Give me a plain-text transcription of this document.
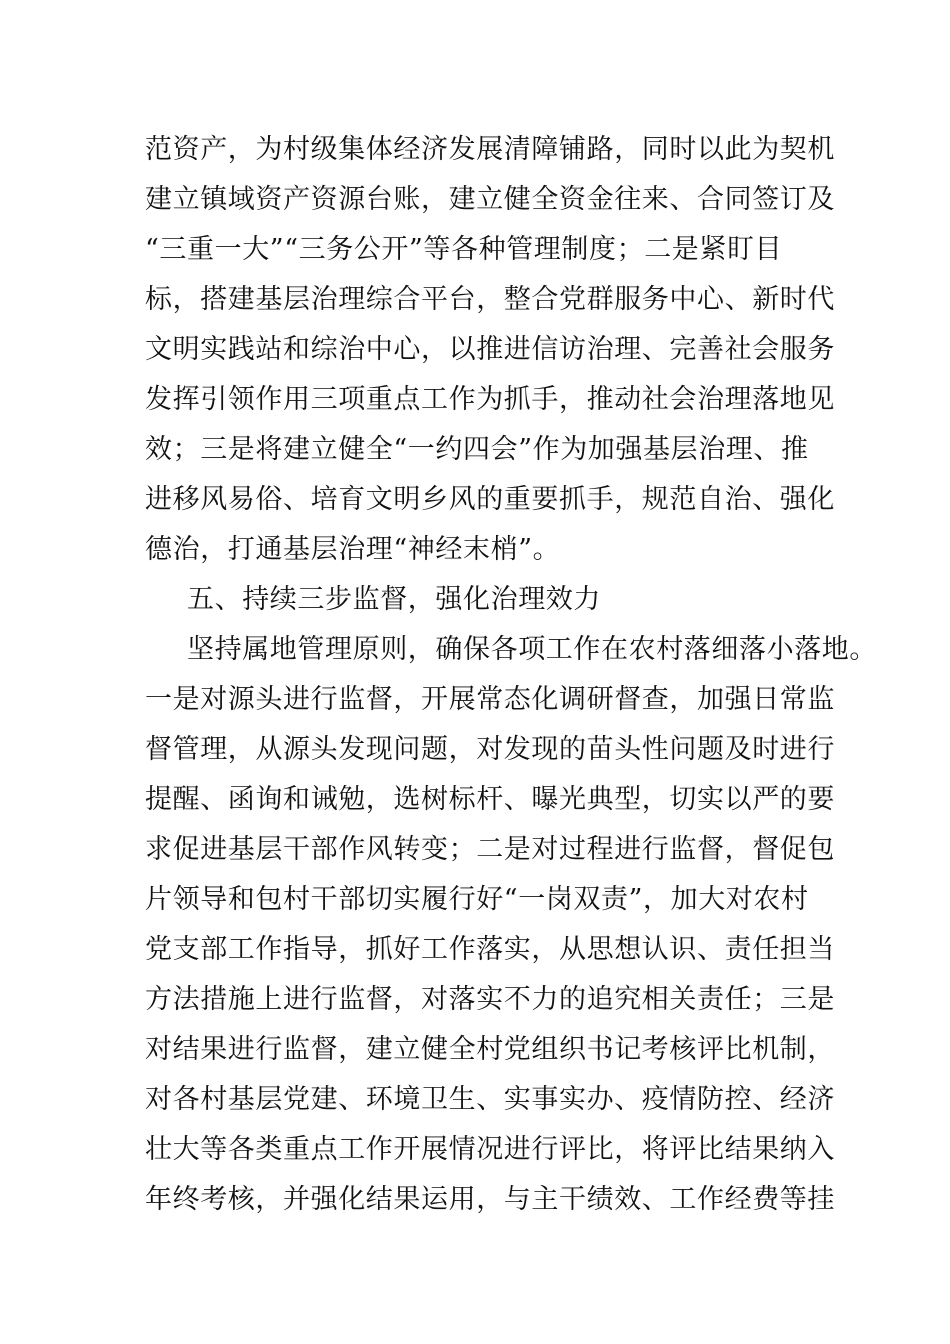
范资产，为村级集体经济发展清障铺路，同时以此为契机
建立镇域资产资源台账，建立健全资金往来、合同签订及
“三重一大”“三务公开”等各种管理制度；二是紧盯目
标，搭建基层治理综合平台，整合党群服务中心、新时代
文明实践站和综治中心，以推进信访治理、完善社会服务
发挥引领作用三项重点工作为抓手，推动社会治理落地见
效；三是将建立健全“一约四会”作为加强基层治理、推
进移风易俗、培育文明乡风的重要抓手，规范自治、强化
德治，打通基层治理“神经末梢”。
五、持续三步监督，强化治理效力
坚持属地管理原则，确保各项工作在农村落细落小落地。
一是对源头进行监督，开展常态化调研督查，加强日常监
督管理，从源头发现问题，对发现的苗头性问题及时进行
提醒、函询和诫勉，选树标杆、曝光典型，切实以严的要
求促进基层干部作风转变；二是对过程进行监督，督促包
片领导和包村干部切实履行好“一岗双责”，加大对农村
党支部工作指导，抓好工作落实，从思想认识、责任担当
方法措施上进行监督，对落实不力的追究相关责任；三是
对结果进行监督，建立健全村党组织书记考核评比机制，
对各村基层党建、环境卫生、实事实办、疫情防控、经济
壮大等各类重点工作开展情况进行评比，将评比结果纳入
年终考核，并强化结果运用，与主干绩效、工作经费等挂
